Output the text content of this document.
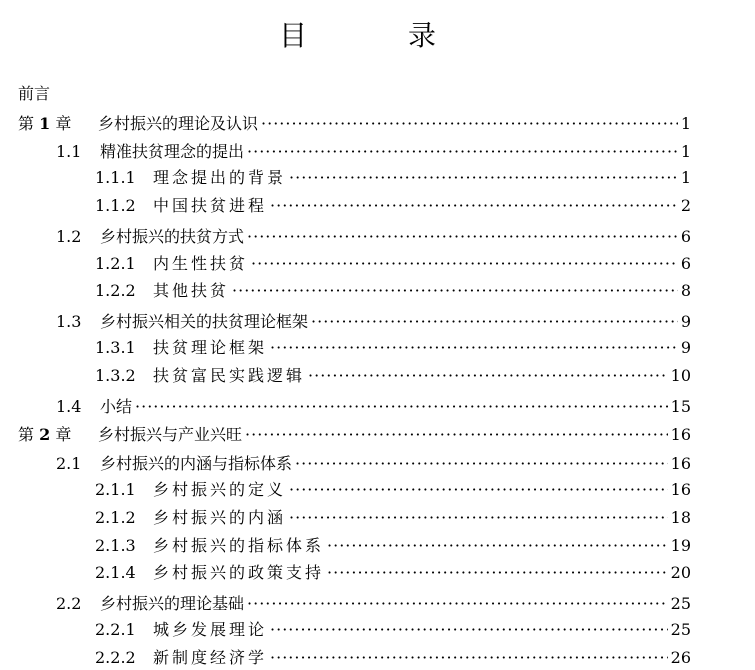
目 录
前言
第 1 章	乡村振兴的理论及认识 ·····	1
1.1	精准扶贫理念的提出 ·····	1
1.1.1	理念提出的背景 ·····	1
1.1.2	中国扶贫进程 ·····	2
1.2	乡村振兴的扶贫方式 ·····	6
1.2.1	内生性扶贫 ·····	6
1.2.2	其他扶贫 ·····	8
1.3	乡村振兴相关的扶贫理论框架 ·····	9
1.3.1	扶贫理论框架 ·····	9
1.3.2	扶贫富民实践逻辑 ·····	10
1.4	小结 ·····	15
第 2 章	乡村振兴与产业兴旺 ·····	16
2.1	乡村振兴的内涵与指标体系 ·····	16
2.1.1	乡村振兴的定义 ·····	16
2.1.2	乡村振兴的内涵 ·····	18
2.1.3	乡村振兴的指标体系 ·····	19
2.1.4	乡村振兴的政策支持 ·····	20
2.2	乡村振兴的理论基础 ·····	25
2.2.1	城乡发展理论 ·····	25
2.2.2	新制度经济学 ·····	26
